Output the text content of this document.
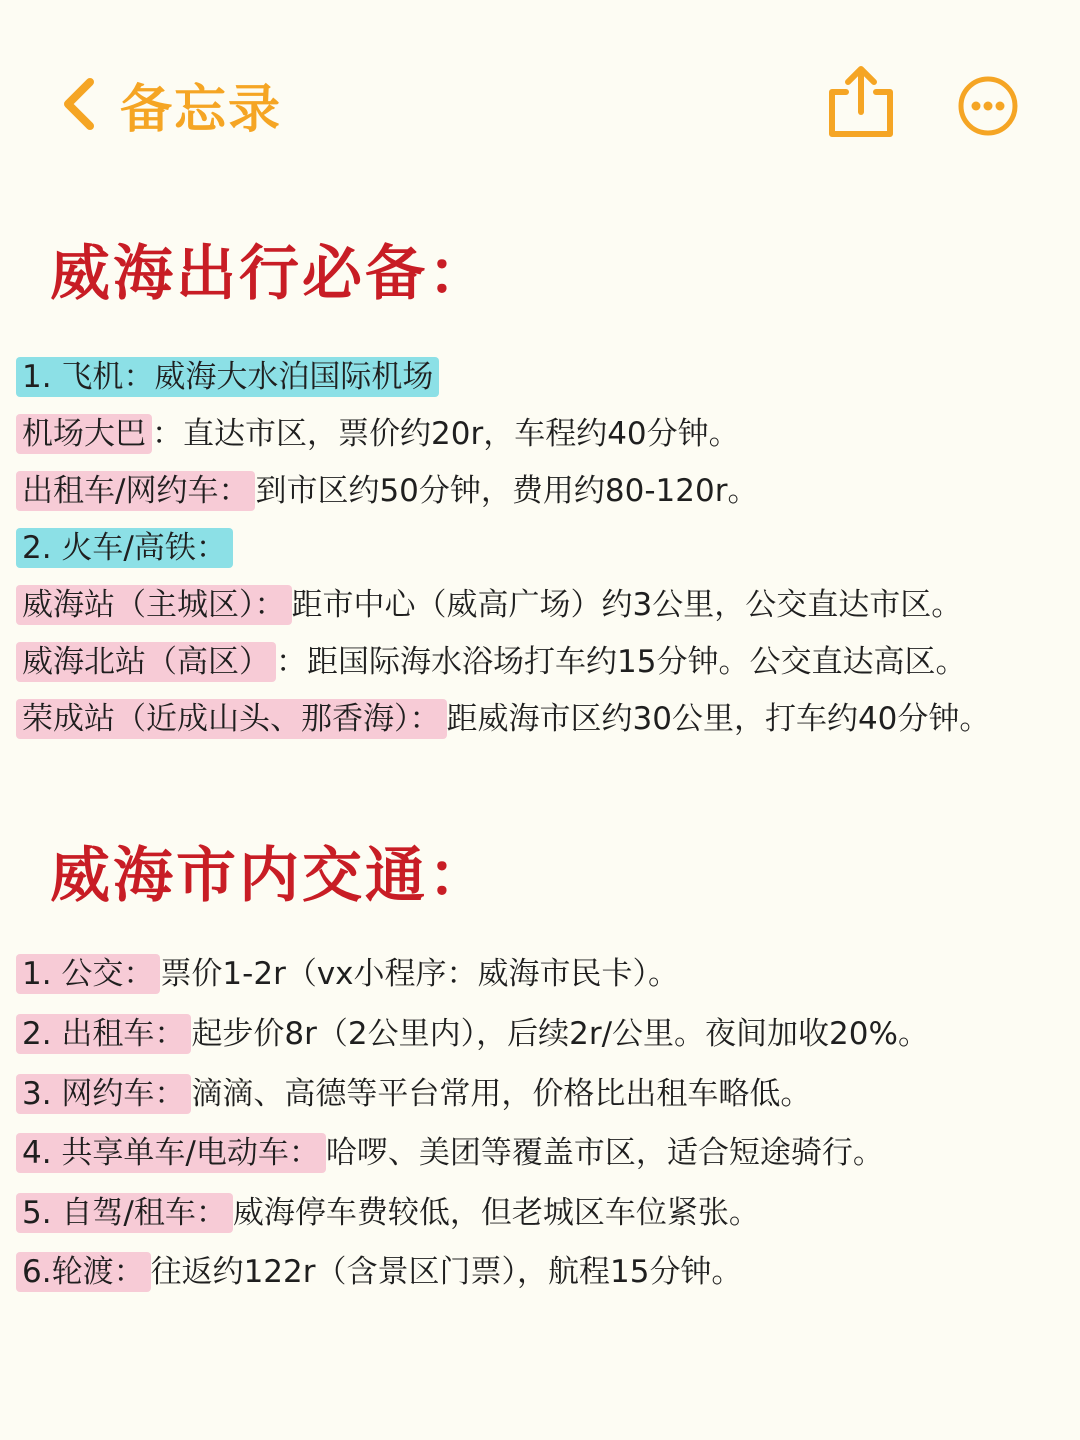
备忘录
威海出行必备：
1. 飞机：威海大水泊国际机场
机场大巴 ：直达市区，票价约20r，车程约40分钟。
出租车/网约车： 到市区约50分钟，费用约80-120r。
2. 火车/高铁：
威海站（主城区）： 距市中心（威高广场）约3公里，公交直达市区。
威海北站（高区） ：距国际海水浴场打车约15分钟。公交直达高区。
荣成站（近成山头、那香海）： 距威海市区约30公里，打车约40分钟。
威海市内交通：
1. 公交： 票价1-2r（vx小程序：威海市民卡）。
2. 出租车： 起步价8r（2公里内），后续2r/公里。夜间加收20%。
3. 网约车： 滴滴、高德等平台常用，价格比出租车略低。
4. 共享单车/电动车： 哈啰、美团等覆盖市区，适合短途骑行。
5. 自驾/租车： 威海停车费较低，但老城区车位紧张。
6.轮渡： 往返约122r（含景区门票），航程15分钟。
